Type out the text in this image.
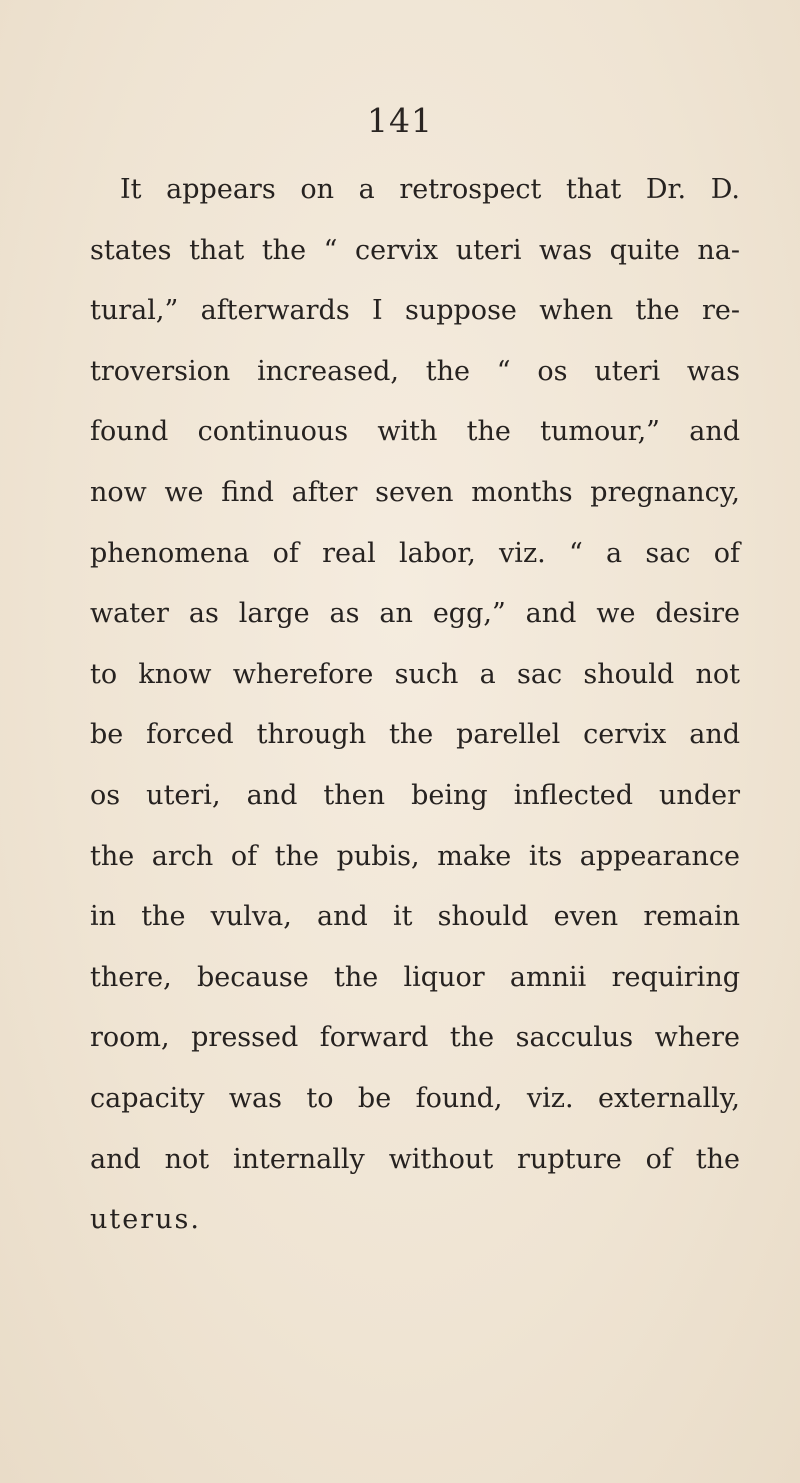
141
It appears on a retrospect that Dr. D.
states that the “ cervix uteri was quite na-
tural,” afterwards I suppose when the re-
troversion increased, the “ os uteri was
found continuous with the tumour,” and
now we find after seven months pregnancy,
phenomena of real labor, viz. “ a sac of
water as large as an egg,” and we desire
to know wherefore such a sac should not
be forced through the parellel cervix and
os uteri, and then being inflected under
the arch of the pubis, make its appearance
in the vulva, and it should even remain
there, because the liquor amnii requiring
room, pressed forward the sacculus where
capacity was to be found, viz. externally,
and not internally without rupture of the
uterus.
